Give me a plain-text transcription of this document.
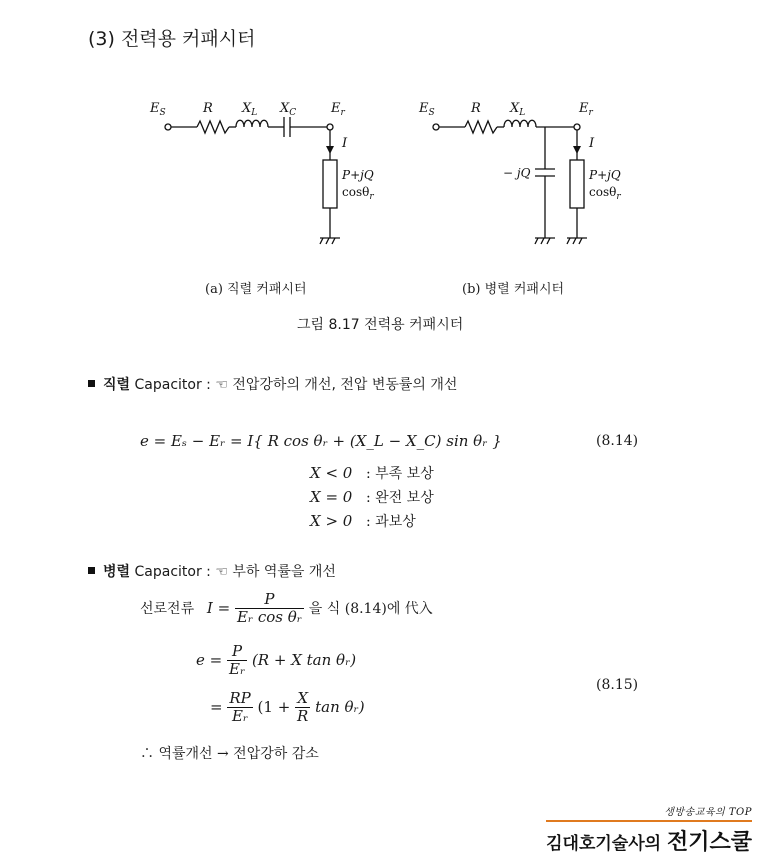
(3) 전력용 커패시터
$E_S$	R $X_L$ $X_C$	$E_r$
I
P+jQ
cosθ$_r$
$E_S$	R $X_L$	$E_r$
I
− jQ	P+jQ
cosθ$_r$
(a) 직렬 커패시터	(b) 병렬 커패시터
그림 8.17 전력용 커패시터
직렬 Capacitor : ☜ 전압강하의 개선, 전압 변동률의 개선
e = Eₛ − Eᵣ = I{ R cos θᵣ + (X_L − X_C) sin θᵣ }	(8.14)
X < 0 : 부족 보상
X = 0 : 완전 보상
X > 0 : 과보상
병렬 Capacitor : ☜ 부하 역률을 개선
선로전류 $I = \frac{P}{\text{Eᵣ cos θᵣ}}$ 을 식 (8.14)에 代入
$e = \frac{P}{\text{Eᵣ}} (R + X$ tan θᵣ)
= $\frac{RP}{\text{Eᵣ}} (1 + \frac{X}{R}$ tan θᵣ)
(8.15)
∴ 역률개선 → 전압강하 감소
생방송교육의 TOP
김대호기술사의 전기스쿨
